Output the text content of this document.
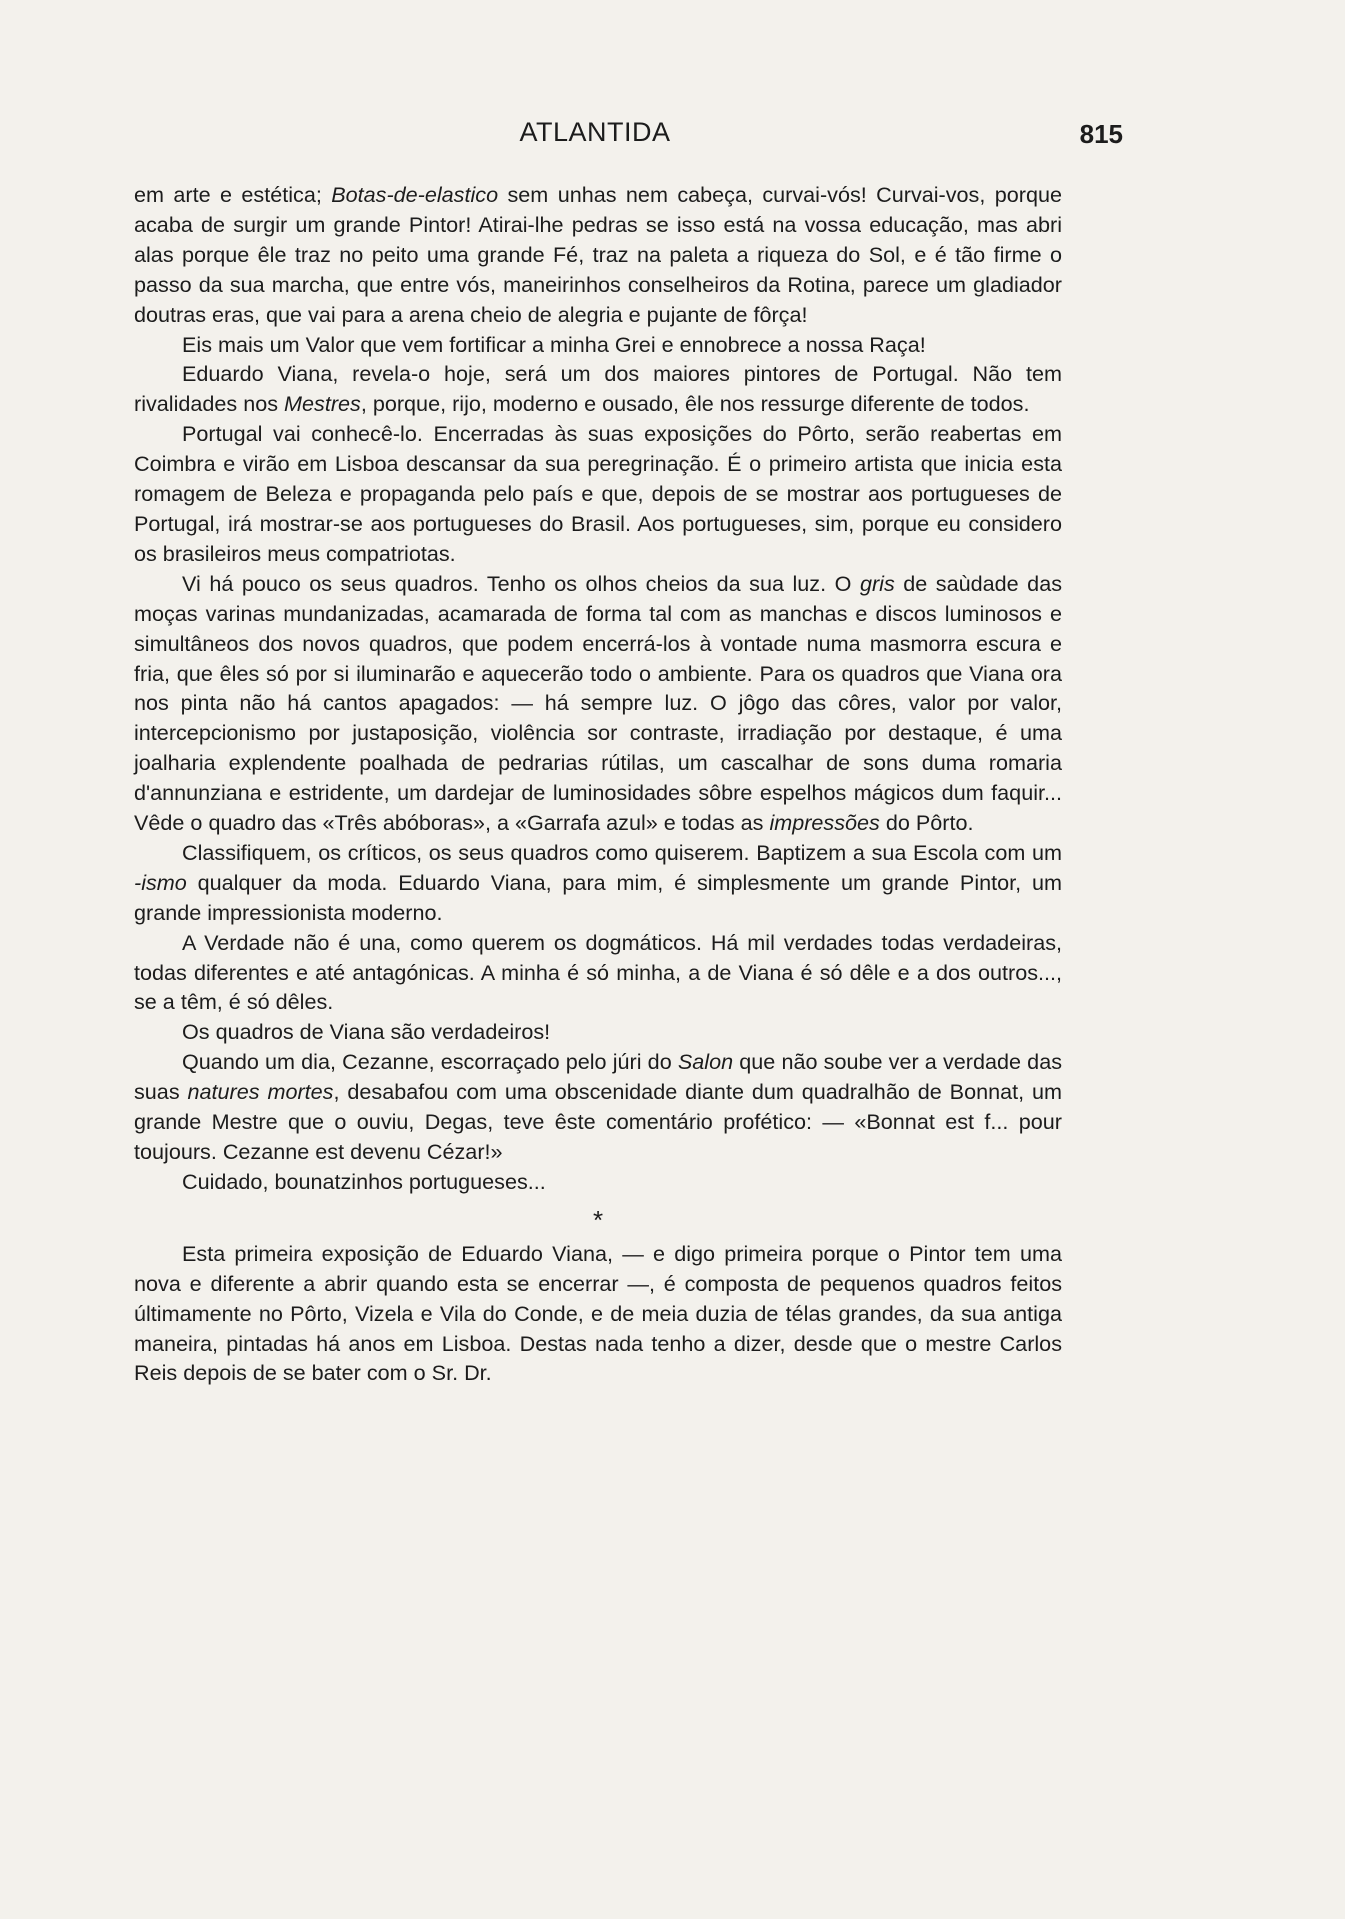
ATLANTIDA	815

em arte e estética; Botas-de-elastico sem unhas nem cabeça, curvai-vós! Curvai-vos, porque acaba de surgir um grande Pintor! Atirai-lhe pedras se isso está na vossa educação, mas abri alas porque êle traz no peito uma grande Fé, traz na paleta a riqueza do Sol, e é tão firme o passo da sua marcha, que entre vós, maneirinhos conselheiros da Rotina, parece um gladiador doutras eras, que vai para a arena cheio de alegria e pujante de fôrça!

Eis mais um Valor que vem fortificar a minha Grei e ennobrece a nossa Raça!

Eduardo Viana, revela-o hoje, será um dos maiores pintores de Portugal. Não tem rivalidades nos Mestres, porque, rijo, moderno e ousado, êle nos ressurge diferente de todos.

Portugal vai conhecê-lo. Encerradas às suas exposições do Pôrto, serão reabertas em Coimbra e virão em Lisboa descansar da sua peregrinação. É o primeiro artista que inicia esta romagem de Beleza e propaganda pelo país e que, depois de se mostrar aos portugueses de Portugal, irá mostrar-se aos portugueses do Brasil. Aos portugueses, sim, porque eu considero os brasileiros meus compatriotas.

Vi há pouco os seus quadros. Tenho os olhos cheios da sua luz. O gris de saùdade das moças varinas mundanizadas, acamarada de forma tal com as manchas e discos luminosos e simultâneos dos novos quadros, que podem encerrá-los à vontade numa masmorra escura e fria, que êles só por si iluminarão e aquecerão todo o ambiente. Para os quadros que Viana ora nos pinta não há cantos apagados: — há sempre luz. O jôgo das côres, valor por valor, intercepcionismo por justaposição, violência sor contraste, irradiação por destaque, é uma joalharia explendente poalhada de pedrarias rútilas, um cascalhar de sons duma romaria d'annunziana e estridente, um dardejar de luminosidades sôbre espelhos mágicos dum faquir... Vêde o quadro das «Três abóboras», a «Garrafa azul» e todas as impressões do Pôrto.

Classifiquem, os críticos, os seus quadros como quiserem. Baptizem a sua Escola com um -ismo qualquer da moda. Eduardo Viana, para mim, é simplesmente um grande Pintor, um grande impressionista moderno.

A Verdade não é una, como querem os dogmáticos. Há mil verdades todas verdadeiras, todas diferentes e até antagónicas. A minha é só minha, a de Viana é só dêle e a dos outros..., se a têm, é só dêles.

Os quadros de Viana são verdadeiros!

Quando um dia, Cezanne, escorraçado pelo júri do Salon que não soube ver a verdade das suas natures mortes, desabafou com uma obscenidade diante dum quadralhão de Bonnat, um grande Mestre que o ouviu, Degas, teve êste comentário profético: — «Bonnat est f... pour toujours. Cezanne est devenu Cézar!»

Cuidado, bounatzinhos portugueses...

*

Esta primeira exposição de Eduardo Viana, — e digo primeira porque o Pintor tem uma nova e diferente a abrir quando esta se encerrar —, é composta de pequenos quadros feitos últimamente no Pôrto, Vizela e Vila do Conde, e de meia duzia de télas grandes, da sua antiga maneira, pintadas há anos em Lisboa. Destas nada tenho a dizer, desde que o mestre Carlos Reis depois de se bater com o Sr. Dr.
